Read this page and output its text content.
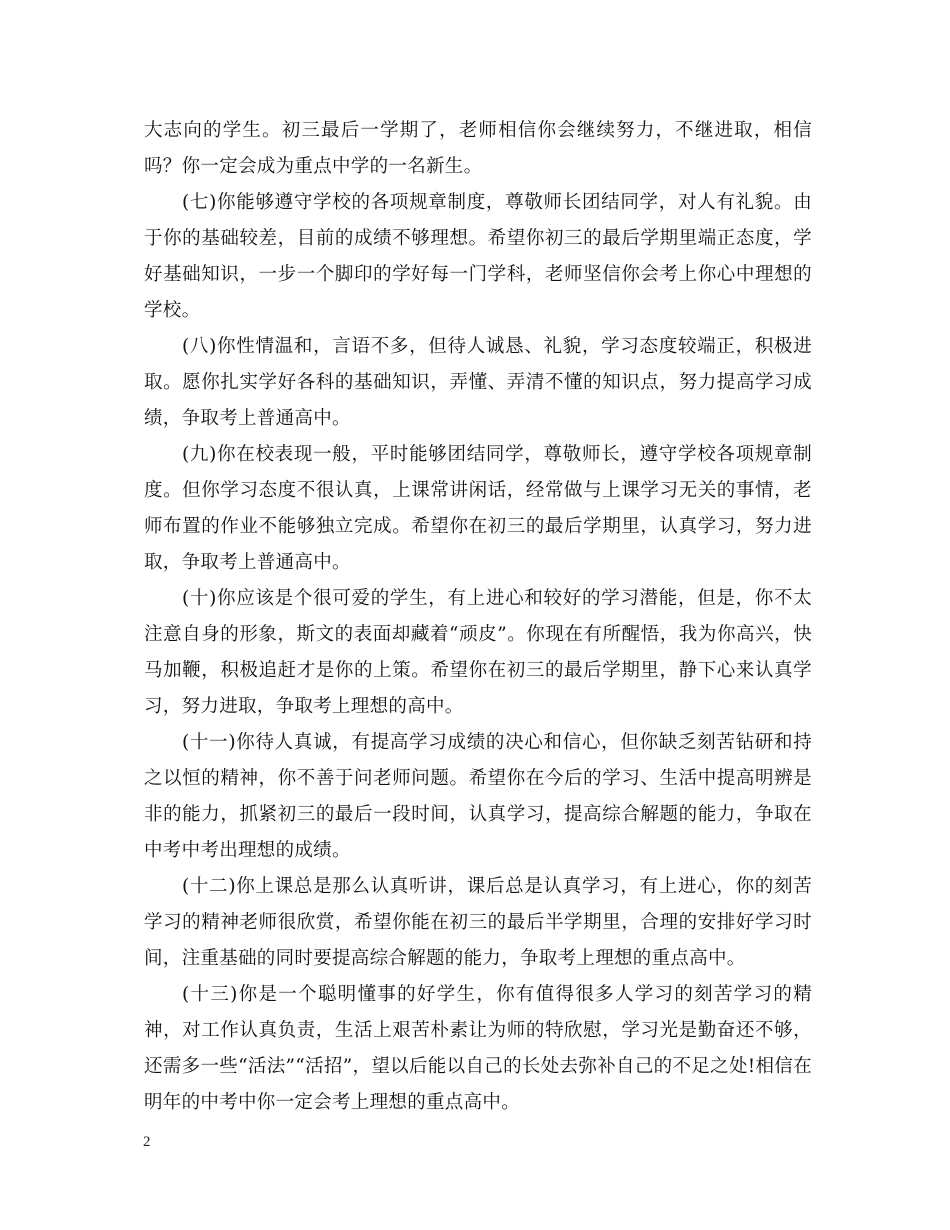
大志向的学生。初三最后一学期了，老师相信你会继续努力，不继进取，相信吗？你一定会成为重点中学的一名新生。

(七)你能够遵守学校的各项规章制度，尊敬师长团结同学，对人有礼貌。由于你的基础较差，目前的成绩不够理想。希望你初三的最后学期里端正态度，学好基础知识，一步一个脚印的学好每一门学科，老师坚信你会考上你心中理想的学校。

(八)你性情温和，言语不多，但待人诚恳、礼貌，学习态度较端正，积极进取。愿你扎实学好各科的基础知识，弄懂、弄清不懂的知识点，努力提高学习成绩，争取考上普通高中。

(九)你在校表现一般，平时能够团结同学，尊敬师长，遵守学校各项规章制度。但你学习态度不很认真，上课常讲闲话，经常做与上课学习无关的事情，老师布置的作业不能够独立完成。希望你在初三的最后学期里，认真学习，努力进取，争取考上普通高中。

(十)你应该是个很可爱的学生，有上进心和较好的学习潜能，但是，你不太注意自身的形象，斯文的表面却藏着“顽皮”。你现在有所醒悟，我为你高兴，快马加鞭，积极追赶才是你的上策。希望你在初三的最后学期里，静下心来认真学习，努力进取，争取考上理想的高中。

(十一)你待人真诚，有提高学习成绩的决心和信心，但你缺乏刻苦钻研和持之以恒的精神，你不善于问老师问题。希望你在今后的学习、生活中提高明辨是非的能力，抓紧初三的最后一段时间，认真学习，提高综合解题的能力，争取在中考中考出理想的成绩。

(十二)你上课总是那么认真听讲，课后总是认真学习，有上进心，你的刻苦学习的精神老师很欣赏，希望你能在初三的最后半学期里，合理的安排好学习时间，注重基础的同时要提高综合解题的能力，争取考上理想的重点高中。

(十三)你是一个聪明懂事的好学生，你有值得很多人学习的刻苦学习的精神，对工作认真负责，生活上艰苦朴素让为师的特欣慰，学习光是勤奋还不够，还需多一些“活法”“活招”，望以后能以自己的长处去弥补自己的不足之处!相信在明年的中考中你一定会考上理想的重点高中。

2
